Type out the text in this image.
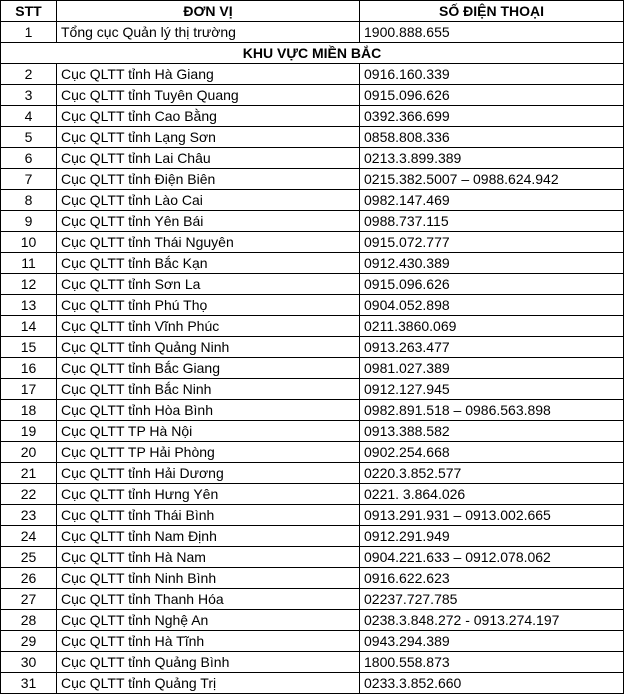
STT	ĐƠN VỊ	SỐ ĐIỆN THOẠI
1	Tổng cục Quản lý thị trường	1900.888.655
KHU VỰC MIỀN BẮC		
2	Cục QLTT tỉnh Hà Giang	0916.160.339
3	Cục QLTT tỉnh Tuyên Quang	0915.096.626
4	Cục QLTT tỉnh Cao Bằng	0392.366.699
5	Cục QLTT tỉnh Lạng Sơn	0858.808.336
6	Cục QLTT tỉnh Lai Châu	0213.3.899.389
7	Cục QLTT tỉnh Điện Biên	0215.382.5007 – 0988.624.942
8	Cục QLTT tỉnh Lào Cai	0982.147.469
9	Cục QLTT tỉnh Yên Bái	0988.737.115
10	Cục QLTT tỉnh Thái Nguyên	0915.072.777
11	Cục QLTT tỉnh Bắc Kạn	0912.430.389
12	Cục QLTT tỉnh Sơn La	0915.096.626
13	Cục QLTT tỉnh Phú Thọ	0904.052.898
14	Cục QLTT tỉnh Vĩnh Phúc	0211.3860.069
15	Cục QLTT tỉnh Quảng Ninh	0913.263.477
16	Cục QLTT tỉnh Bắc Giang	0981.027.389
17	Cục QLTT tỉnh Bắc Ninh	0912.127.945
18	Cục QLTT tỉnh Hòa Bình	0982.891.518 – 0986.563.898
19	Cục QLTT TP Hà Nội	0913.388.582
20	Cục QLTT TP Hải Phòng	0902.254.668
21	Cục QLTT tỉnh Hải Dương	0220.3.852.577
22	Cục QLTT tỉnh Hưng Yên	0221. 3.864.026
23	Cục QLTT tỉnh Thái Bình	0913.291.931 – 0913.002.665
24	Cục QLTT tỉnh Nam Định	0912.291.949
25	Cục QLTT tỉnh Hà Nam	0904.221.633 – 0912.078.062
26	Cục QLTT tỉnh Ninh Bình	0916.622.623
27	Cục QLTT tỉnh Thanh Hóa	02237.727.785
28	Cục QLTT tỉnh Nghệ An	0238.3.848.272 - 0913.274.197
29	Cục QLTT tỉnh Hà Tĩnh	0943.294.389
30	Cục QLTT tỉnh Quảng Bình	1800.558.873
31	Cục QLTT tỉnh Quảng Trị	0233.3.852.660
